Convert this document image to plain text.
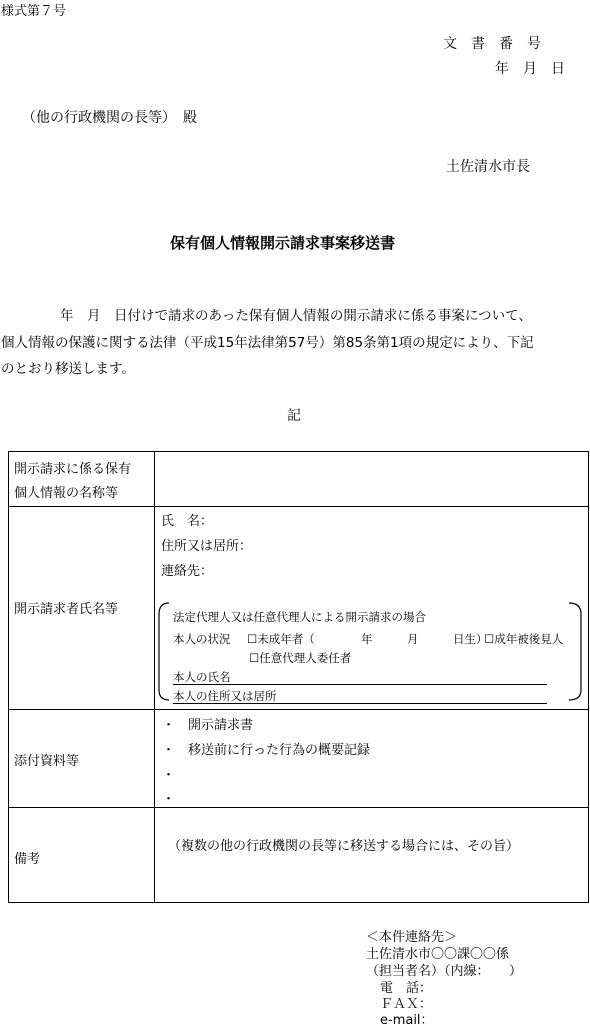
様式第７号
文　書　番　号
年　月　日
（他の行政機関の長等）　殿
土佐清水市長
保有個人情報開示請求事案移送書
年　月　日付けで請求のあった保有個人情報の開示請求に係る事案について、
個人情報の保護に関する法律（平成15年法律第57号）第85条第1項の規定により、下記
のとおり移送します。
記
開示請求に係る保有
個人情報の名称等
開示請求者氏名等
氏　名：
住所又は居所：
連絡先：
法定代理人又は任意代理人による開示請求の場合
本人の状況 ☐未成年者（	年　　　月　　　日生）
☐成年被後見人
☐任意代理人委任者
本人の氏名
本人の住所又は居所
添付資料等
・　開示請求書
・　移送前に行った行為の概要記録
・
・
備考
（複数の他の行政機関の長等に移送する場合には、その旨）
＜本件連絡先＞
土佐清水市〇〇課〇〇係
（担当者名）（内線：　　）
電　話：
ＦＡＸ：
e-mail：
